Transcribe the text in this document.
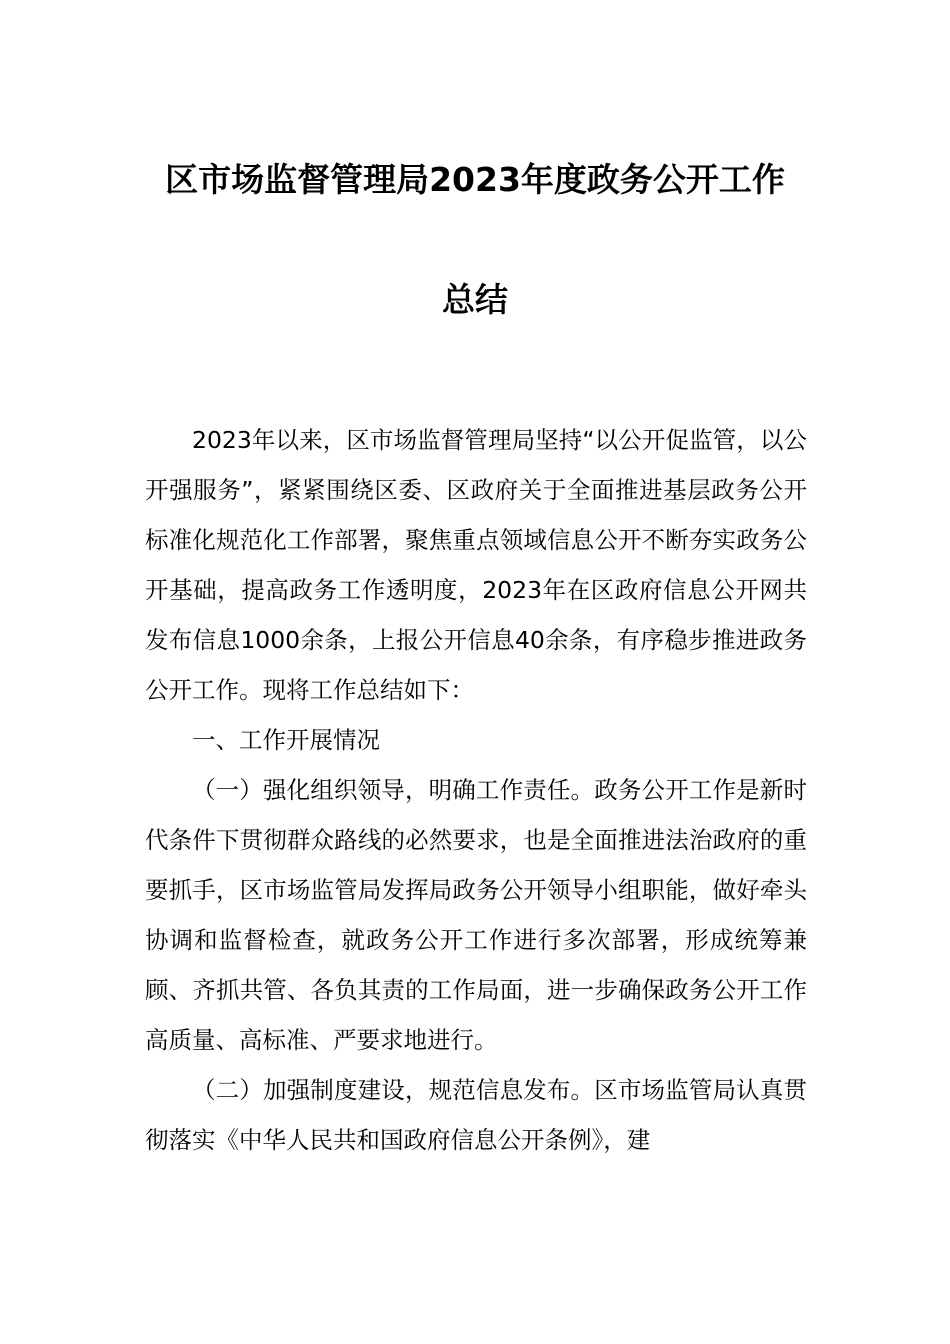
区市场监督管理局2023年度政务公开工作
总结

2023年以来，区市场监督管理局坚持“以公开促监管，以公开强服务”，紧紧围绕区委、区政府关于全面推进基层政务公开标准化规范化工作部署，聚焦重点领域信息公开不断夯实政务公开基础，提高政务工作透明度，2023年在区政府信息公开网共发布信息1000余条，上报公开信息40余条，有序稳步推进政务公开工作。现将工作总结如下：

一、工作开展情况

（一）强化组织领导，明确工作责任。政务公开工作是新时代条件下贯彻群众路线的必然要求，也是全面推进法治政府的重要抓手，区市场监管局发挥局政务公开领导小组职能，做好牵头协调和监督检查，就政务公开工作进行多次部署，形成统筹兼顾、齐抓共管、各负其责的工作局面，进一步确保政务公开工作高质量、高标准、严要求地进行。

（二）加强制度建设，规范信息发布。区市场监管局认真贯彻落实《中华人民共和国政府信息公开条例》，建
